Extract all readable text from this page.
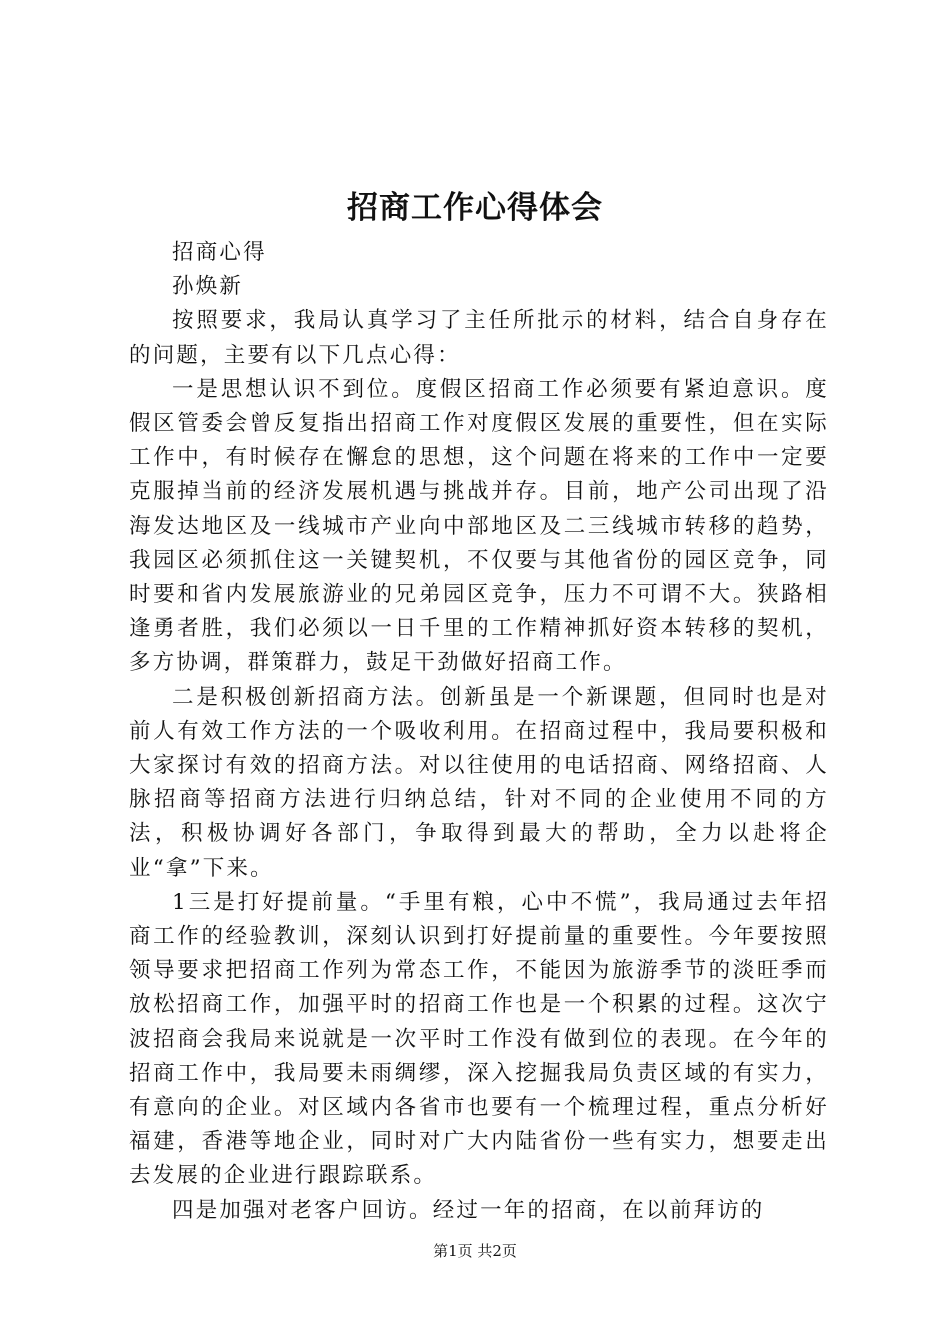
招商工作心得体会

招商心得

孙焕新

按照要求，我局认真学习了主任所批示的材料，结合自身存在的问题，主要有以下几点心得：

一是思想认识不到位。度假区招商工作必须要有紧迫意识。度假区管委会曾反复指出招商工作对度假区发展的重要性，但在实际工作中，有时候存在懈怠的思想，这个问题在将来的工作中一定要克服掉当前的经济发展机遇与挑战并存。目前，地产公司出现了沿海发达地区及一线城市产业向中部地区及二三线城市转移的趋势，我园区必须抓住这一关键契机，不仅要与其他省份的园区竞争，同时要和省内发展旅游业的兄弟园区竞争，压力不可谓不大。狭路相逢勇者胜，我们必须以一日千里的工作精神抓好资本转移的契机，多方协调，群策群力，鼓足干劲做好招商工作。

二是积极创新招商方法。创新虽是一个新课题，但同时也是对前人有效工作方法的一个吸收利用。在招商过程中，我局要积极和大家探讨有效的招商方法。对以往使用的电话招商、网络招商、人脉招商等招商方法进行归纳总结，针对不同的企业使用不同的方法，积极协调好各部门，争取得到最大的帮助，全力以赴将企业“拿”下来。

1三是打好提前量。“手里有粮，心中不慌”，我局通过去年招商工作的经验教训，深刻认识到打好提前量的重要性。今年要按照领导要求把招商工作列为常态工作，不能因为旅游季节的淡旺季而放松招商工作，加强平时的招商工作也是一个积累的过程。这次宁波招商会我局来说就是一次平时工作没有做到位的表现。在今年的招商工作中，我局要未雨绸缪，深入挖掘我局负责区域的有实力，有意向的企业。对区域内各省市也要有一个梳理过程，重点分析好福建，香港等地企业，同时对广大内陆省份一些有实力，想要走出去发展的企业进行跟踪联系。

四是加强对老客户回访。经过一年的招商，在以前拜访的

第1页 共2页
